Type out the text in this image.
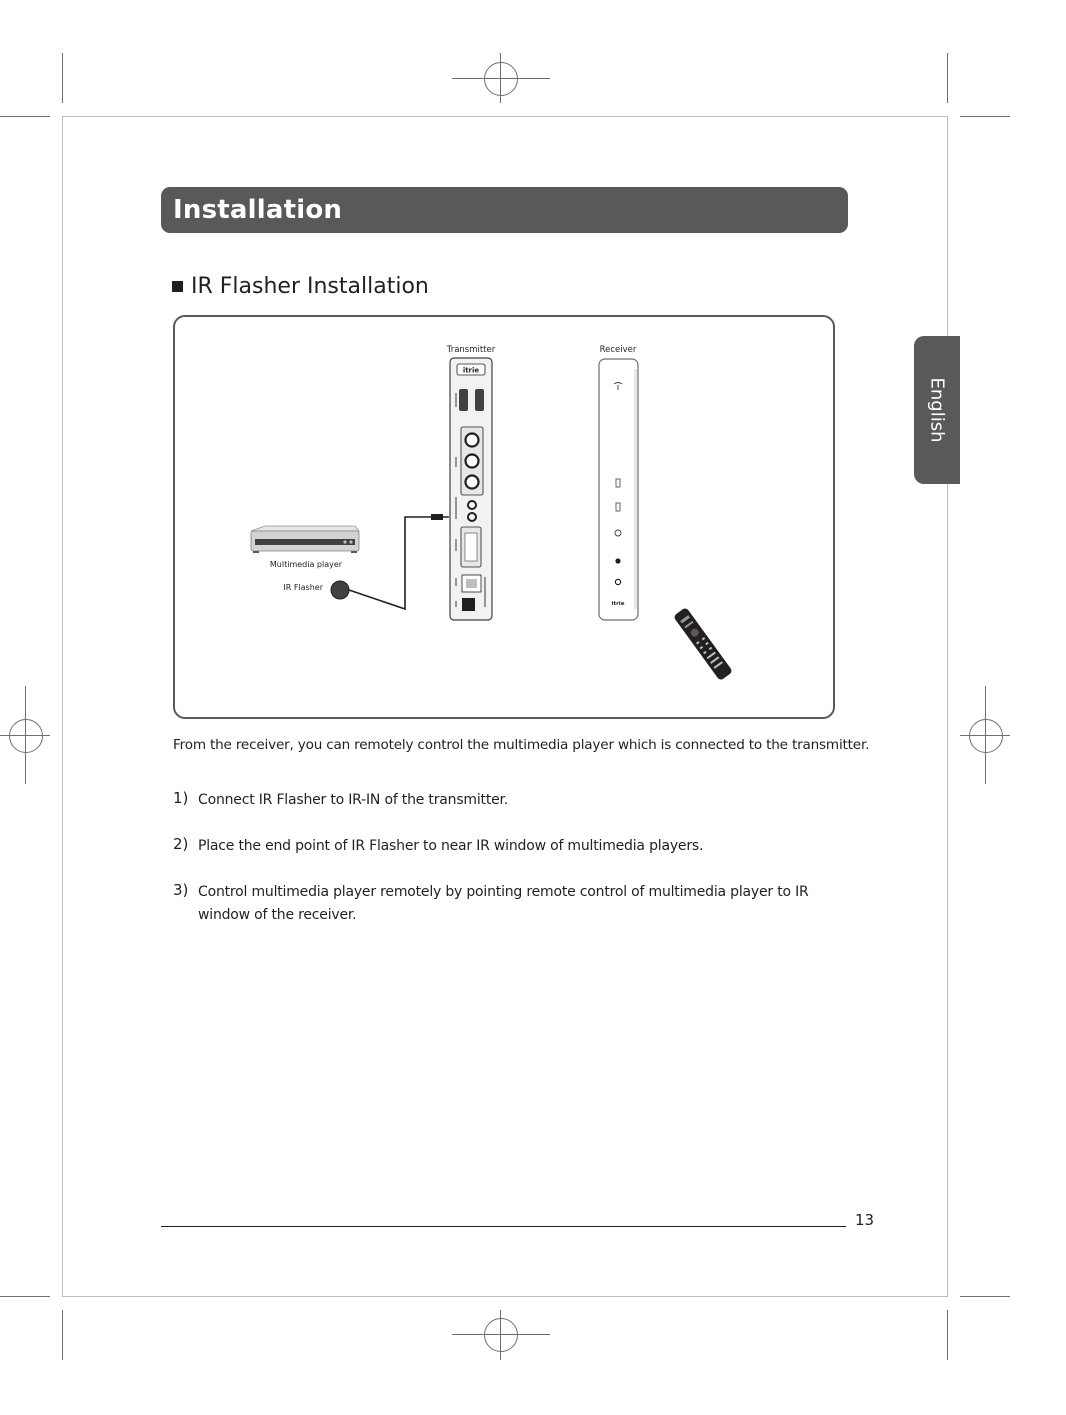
Installation
English
IR Flasher Installation
Transmitter	Receiver
Multimedia player
IR Flasher
itrie
itrie
From the receiver, you can remotely control the multimedia player which is connected to the transmitter.
1) Connect IR Flasher to IR-IN of the transmitter.
2) Place the end point of IR Flasher to near IR window of multimedia players.
3) Control multimedia player remotely by pointing remote control of multimedia player to IR window of the receiver.
13
